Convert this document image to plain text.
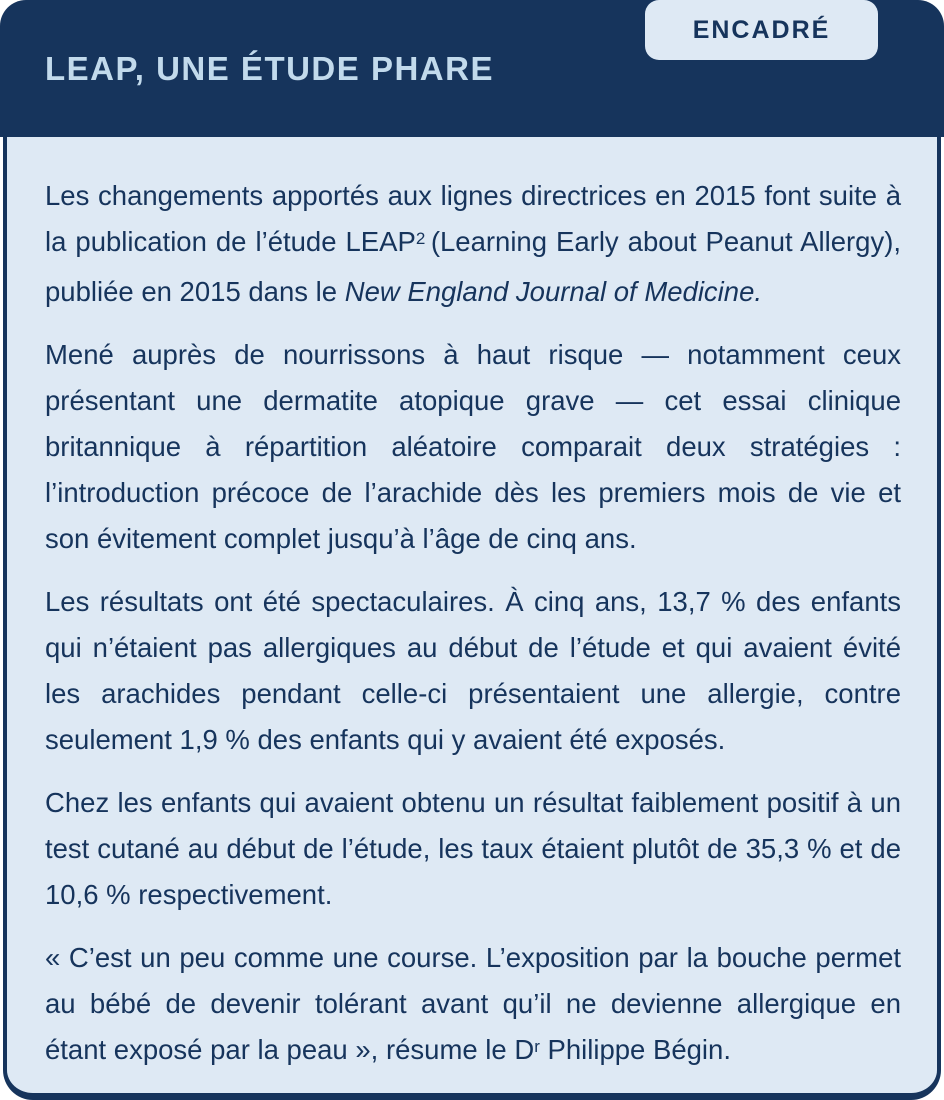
ENCADRÉ
LEAP, UNE ÉTUDE PHARE

Les changements apportés aux lignes directrices en 2015 font suite à la publication de l’étude LEAP$^2$ (Learning Early about Peanut Allergy), publiée en 2015 dans le New England Journal of Medicine.

Mené auprès de nourrissons à haut risque — notamment ceux présentant une dermatite atopique grave — cet essai clinique britannique à répartition aléatoire comparait deux stratégies : l’introduction précoce de l’arachide dès les premiers mois de vie et son évitement complet jusqu’à l’âge de cinq ans.

Les résultats ont été spectaculaires. À cinq ans, 13,7 % des enfants qui n’étaient pas allergiques au début de l’étude et qui avaient évité les arachides pendant celle-ci présentaient une allergie, contre seulement 1,9 % des enfants qui y avaient été exposés.

Chez les enfants qui avaient obtenu un résultat faiblement positif à un test cutané au début de l’étude, les taux étaient plutôt de 35,3 % et de 10,6 % respectivement.

« C’est un peu comme une course. L’exposition par la bouche permet au bébé de devenir tolérant avant qu’il ne devienne allergique en étant exposé par la peau », résume le $D^r$ Philippe Bégin.
